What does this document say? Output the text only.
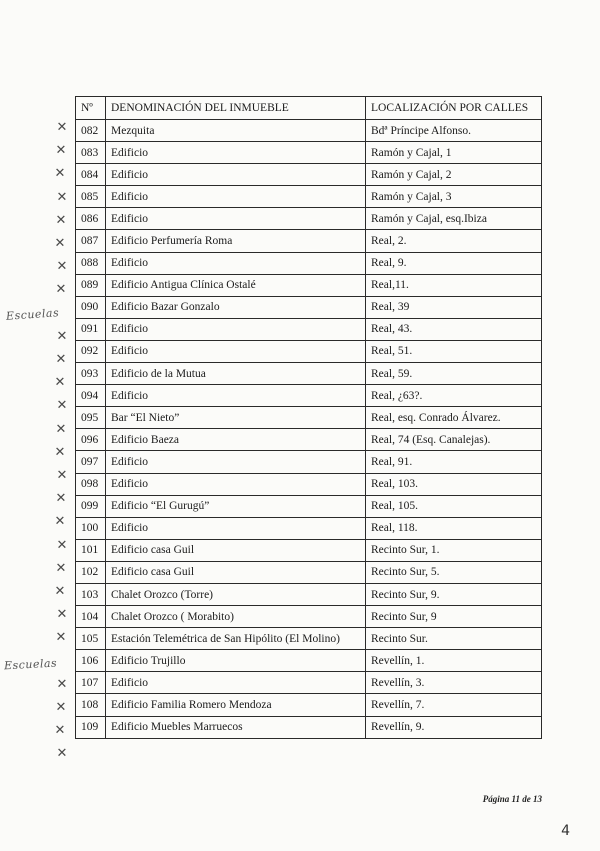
Nº	DENOMINACIÓN DEL INMUEBLE	LOCALIZACIÓN POR CALLES
082	Mezquita	Bdª Príncipe Alfonso.
083	Edificio	Ramón y Cajal, 1
084	Edificio	Ramón y Cajal, 2
085	Edificio	Ramón y Cajal, 3
086	Edificio	Ramón y Cajal, esq.Ibiza
087	Edificio Perfumería Roma	Real, 2.
088	Edificio	Real, 9.
089	Edificio Antigua Clínica Ostalé	Real,11.
090	Edificio Bazar Gonzalo	Real, 39
091	Edificio	Real, 43.
092	Edificio	Real, 51.
093	Edificio de la Mutua	Real, 59.
094	Edificio	Real, ¿63?.
095	Bar “El Nieto”	Real, esq. Conrado Álvarez.
096	Edificio Baeza	Real, 74 (Esq. Canalejas).
097	Edificio	Real, 91.
098	Edificio	Real, 103.
099	Edificio “El Gurugú”	Real, 105.
100	Edificio	Real, 118.
101	Edificio casa Guil	Recinto Sur, 1.
102	Edificio casa Guil	Recinto Sur, 5.
103	Chalet Orozco (Torre)	Recinto Sur, 9.
104	Chalet Orozco ( Morabito)	Recinto Sur, 9
105	Estación Telemétrica de San Hipólito (El Molino)	Recinto Sur.
106	Edificio Trujillo	Revellín, 1.
107	Edificio	Revellín, 3.
108	Edificio Familia Romero Mendoza	Revellín, 7.
109	Edificio Muebles Marruecos	Revellín, 9.
✕
✕
✕
✕
✕
✕
✕
✕
✕
✕
✕
✕
✕
✕
✕
✕
✕
✕
✕
✕
✕
✕
✕
✕
✕
✕
Escuelas
Escuelas
Página 11 de 13
4
